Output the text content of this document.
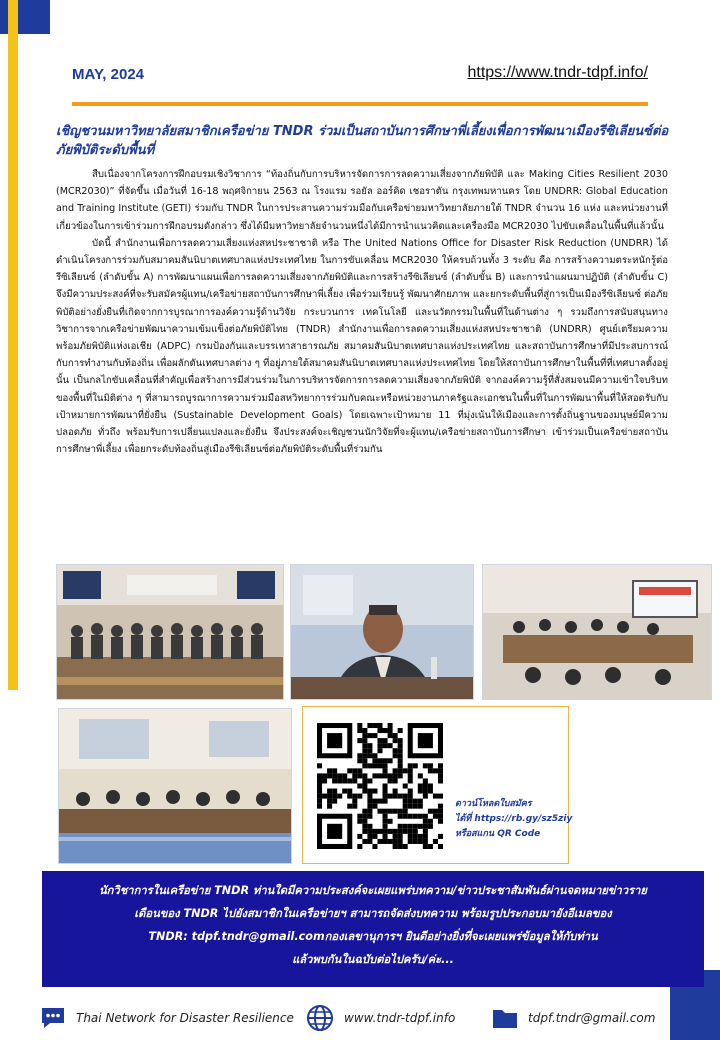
MAY, 2024	https://www.tndr-tdpf.info/
เชิญชวนมหาวิทยาลัยสมาชิกเครือข่าย TNDR ร่วมเป็นสถาบันการศึกษาพี่เลี้ยงเพื่อการพัฒนาเมืองรีซิเลียนซ์ต่อภัยพิบัติระดับพื้นที่

สืบเนื่องจากโครงการฝึกอบรมเชิงวิชาการ “ท้องถิ่นกับการบริหารจัดการการลดความเสี่ยงจากภัยพิบัติ และ Making Cities Resilient 2030 (MCR2030)” ที่จัดขึ้น เมื่อวันที่ 16-18 พฤศจิกายน 2563 ณ โรงแรม รอยัล ออร์คิด เชอราตัน กรุงเทพมหานคร โดย UNDRR: Global Education and Training Institute (GETI) ร่วมกับ TNDR ในการประสานความร่วมมือกับเครือข่ายมหาวิทยาลัยภายใต้ TNDR จำนวน 16 แห่ง และหน่วยงานที่เกี่ยวข้องในการเข้าร่วมการฝึกอบรมดังกล่าว ซึ่งได้มีมหาวิทยาลัยจำนวนหนึ่งได้มีการนำแนวคิดและเครื่องมือ MCR2030 ไปขับเคลื่อนในพื้นที่แล้วนั้น

บัดนี้ สำนักงานเพื่อการลดความเสี่ยงแห่งสหประชาชาติ หรือ The United Nations Office for Disaster Risk Reduction (UNDRR) ได้ดำเนินโครงการร่วมกับสมาคมสันนิบาตเทศบาลแห่งประเทศไทย ในการขับเคลื่อน MCR2030 ให้ครบถ้วนทั้ง 3 ระดับ คือ การสร้างความตระหนักรู้ต่อรีซิเลียนซ์ (ลำดับขั้น A) การพัฒนาแผนเพื่อการลดความเสี่ยงจากภัยพิบัติและการสร้างรีซิเลียนซ์ (ลำดับขั้น B) และการนำแผนมาปฏิบัติ (ลำดับขั้น C) จึงมีความประสงค์ที่จะรับสมัครผู้แทน/เครือข่ายสถาบันการศึกษาพี่เลี้ยง เพื่อร่วมเรียนรู้ พัฒนาศักยภาพ และยกระดับพื้นที่สู่การเป็นเมืองรีซิเลียนซ์ ต่อภัยพิบัติอย่างยั่งยืนที่เกิดจากการบูรณาการองค์ความรู้ด้านวิจัย กระบวนการ เทคโนโลยี และนวัตกรรมในพื้นที่ในด้านต่าง ๆ รวมถึงการสนับสนุนทางวิชาการจากเครือข่ายพัฒนาความเข้มแข็งต่อภัยพิบัติไทย (TNDR) สำนักงานเพื่อการลดความเสี่ยงแห่งสหประชาชาติ (UNDRR) ศูนย์เตรียมความพร้อมภัยพิบัติแห่งเอเชีย (ADPC) กรมป้องกันและบรรเทาสาธารณภัย สมาคมสันนิบาตเทศบาลแห่งประเทศไทย และสถาบันการศึกษาที่มีประสบการณ์กับการทำงานกับท้องถิ่น เพื่อผลักดันเทศบาลต่าง ๆ ที่อยู่ภายใต้สมาคมสันนิบาตเทศบาลแห่งประเทศไทย โดยให้สถาบันการศึกษาในพื้นที่ที่เทศบาลตั้งอยู่นั้น เป็นกลไกขับเคลื่อนที่สำคัญเพื่อสร้างการมีส่วนร่วมในการบริหารจัดการการลดความเสี่ยงจากภัยพิบัติ จากองค์ความรู้ที่สั่งสมจนมีความเข้าใจบริบทของพื้นที่ในมิติต่าง ๆ ที่สามารถบูรณาการความร่วมมือสหวิทยาการร่วมกับคณะหรือหน่วยงานภาครัฐและเอกชนในพื้นที่ในการพัฒนาพื้นที่ให้สอดรับกับเป้าหมายการพัฒนาที่ยั่งยืน (Sustainable Development Goals) โดยเฉพาะเป้าหมาย 11 ที่มุ่งเน้นให้เมืองและการตั้งถิ่นฐานของมนุษย์มีความปลอดภัย ทั่วถึง พร้อมรับการเปลี่ยนแปลงและยั่งยืน จึงประสงค์จะเชิญชวนนักวิจัยที่จะผู้แทน/เครือข่ายสถาบันการศึกษา เข้าร่วมเป็นเครือข่ายสถาบันการศึกษาพี่เลี้ยง เพื่อยกระดับท้องถิ่นสู่เมืองรีซิเลียนซ์ต่อภัยพิบัติระดับพื้นที่ร่วมกัน

ดาวน์โหลดใบสมัคร
ได้ที่ https://rb.gy/sz5ziy
หรือสแกน QR Code
นักวิชาการในเครือข่าย TNDR ท่านใดมีความประสงค์จะเผยแพร่บทความ/ข่าวประชาสัมพันธ์ผ่านจดหมายข่าวราย
เดือนของ TNDR ไปยังสมาชิกในเครือข่ายฯ สามารถจัดส่งบทความ พร้อมรูปประกอบมายังอีเมลของ
TNDR: tdpf.tndr@gmail.comกองเลขานุการฯ ยินดีอย่างยิ่งที่จะเผยแพร่ข้อมูลให้กับท่าน
แล้วพบกันในฉบับต่อไปครับ/ค่ะ...
Thai Network for Disaster Resilience	www.tndr-tdpf.info	tdpf.tndr@gmail.com
